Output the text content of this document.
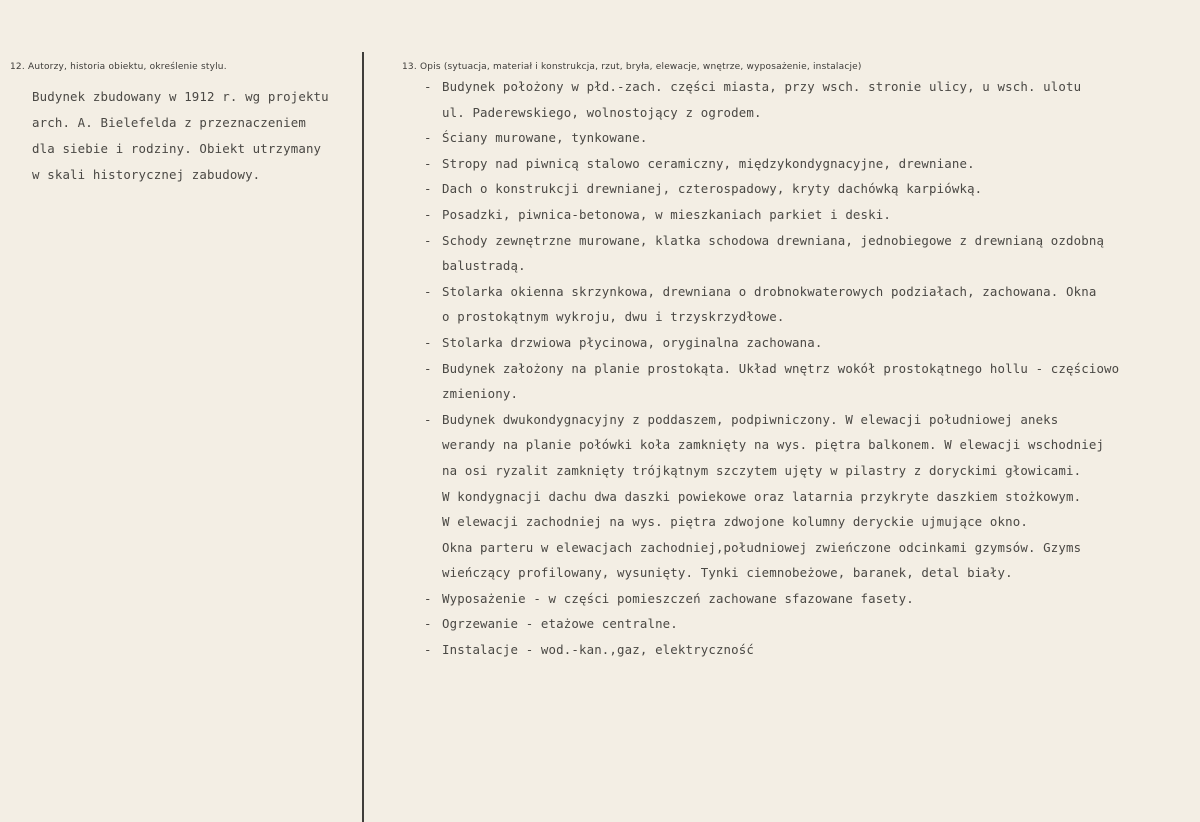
12. Autorzy, historia obiektu, określenie stylu.	13. Opis (sytuacja, materiał i konstrukcja, rzut, bryła, elewacje, wnętrze, wyposażenie, instalacje)
Budynek zbudowany w 1912 r. wg projektu
arch. A. Bielefelda z przeznaczeniem
dla siebie i rodziny. Obiekt utrzymany
w skali historycznej zabudowy.
- Budynek położony w płd.-zach. części miasta, przy wsch. stronie ulicy, u wsch. ulotu
ul. Paderewskiego, wolnostojący z ogrodem.
- Ściany murowane, tynkowane.
- Stropy nad piwnicą stalowo ceramiczny, międzykondygnacyjne, drewniane.
- Dach o konstrukcji drewnianej, czterospadowy, kryty dachówką karpiówką.
- Posadzki, piwnica-betonowa, w mieszkaniach parkiet i deski.
- Schody zewnętrzne murowane, klatka schodowa drewniana, jednobiegowe z drewnianą ozdobną
balustradą.
- Stolarka okienna skrzynkowa, drewniana o drobnokwaterowych podziałach, zachowana. Okna
o prostokątnym wykroju, dwu i trzyskrzydłowe.
- Stolarka drzwiowa płycinowa, oryginalna zachowana.
- Budynek założony na planie prostokąta. Układ wnętrz wokół prostokątnego hollu - częściowo
zmieniony.
- Budynek dwukondygnacyjny z poddaszem, podpiwniczony. W elewacji południowej aneks
werandy na planie połówki koła zamknięty na wys. piętra balkonem. W elewacji wschodniej
na osi ryzalit zamknięty trójkątnym szczytem ujęty w pilastry z doryckimi głowicami.
W kondygnacji dachu dwa daszki powiekowe oraz latarnia przykryte daszkiem stożkowym.
W elewacji zachodniej na wys. piętra zdwojone kolumny deryckie ujmujące okno.
Okna parteru w elewacjach zachodniej,południowej zwieńczone odcinkami gzymsów. Gzyms
wieńczący profilowany, wysunięty. Tynki ciemnobeżowe, baranek, detal biały.
- Wyposażenie - w części pomieszczeń zachowane sfazowane fasety.
- Ogrzewanie - etażowe centralne.
- Instalacje - wod.-kan.,gaz, elektryczność
